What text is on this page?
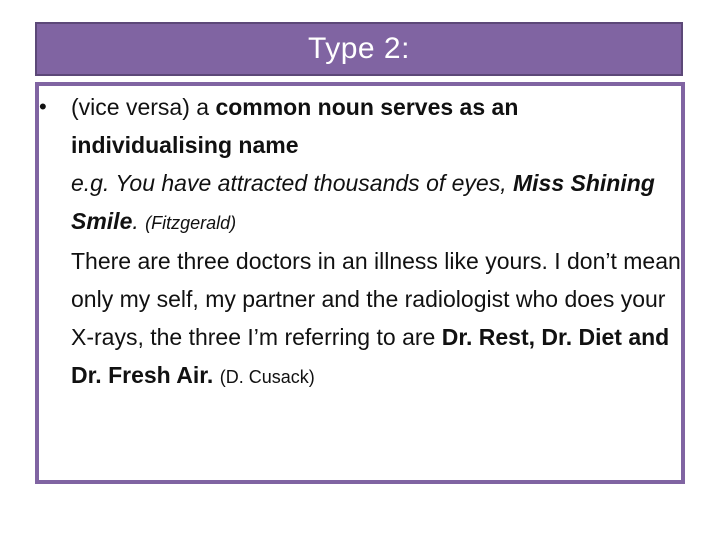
Type 2:
• (vice versa) a common noun serves as an individualising name
e.g. You have attracted thousands of eyes, Miss Shining Smile. (Fitzgerald)
There are three doctors in an illness like yours. I don’t mean only my self, my partner and the radiologist who does your X-rays, the three I’m referring to are Dr. Rest, Dr. Diet and Dr. Fresh Air. (D. Cusack)
